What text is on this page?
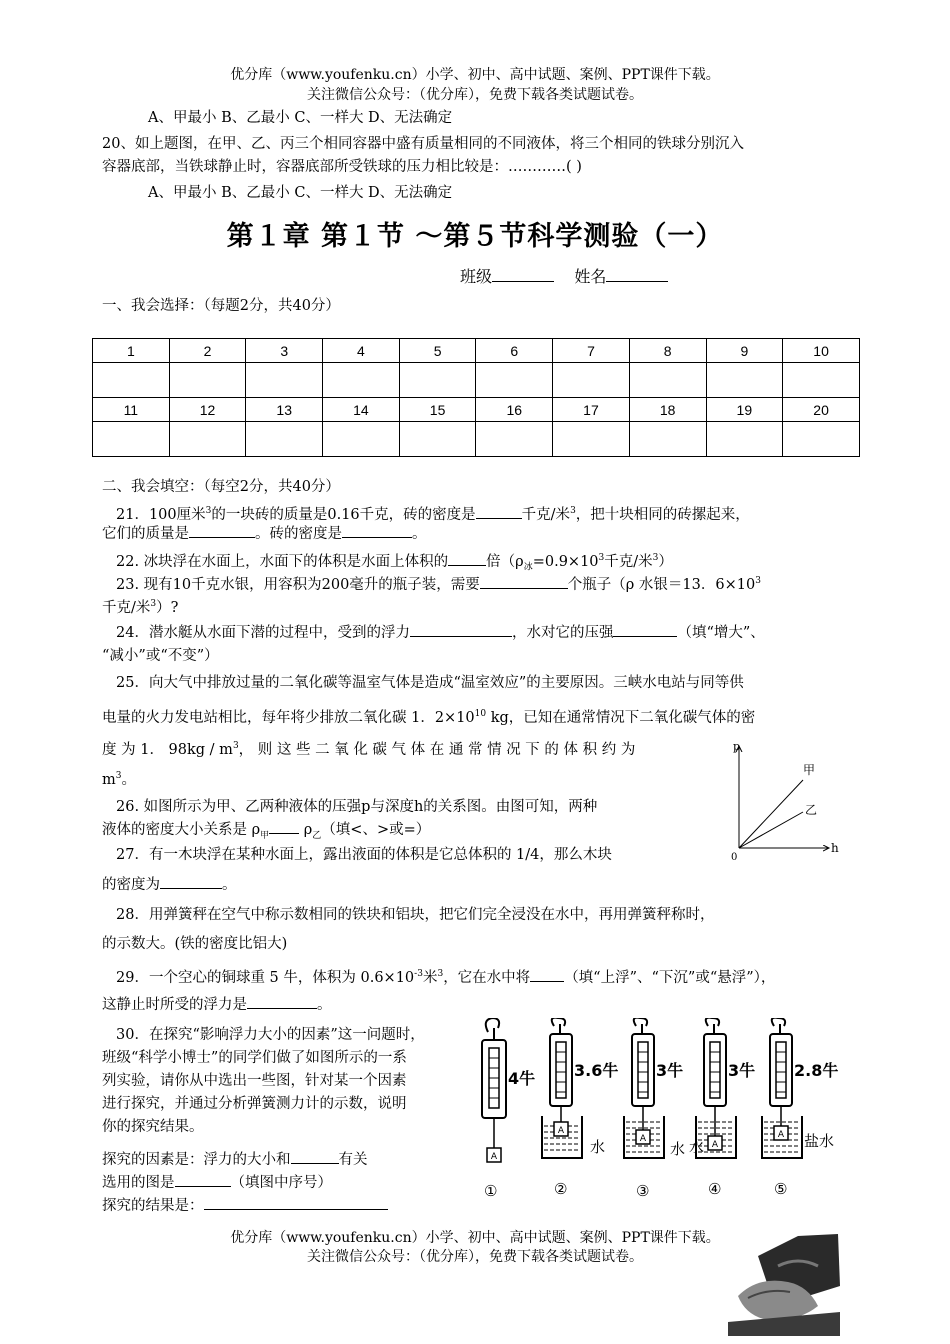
优分库（www.youfenku.cn）小学、初中、高中试题、案例、PPT课件下载。
关注微信公众号：（优分库），免费下载各类试题试卷。
A、甲最小 B、乙最小 C、一样大 D、无法确定
20、如上题图，在甲、乙、丙三个相同容器中盛有质量相同的不同液体，将三个相同的铁球分别沉入
容器底部，当铁球静止时，容器底部所受铁球的压力相比较是：…………( )
A、甲最小 B、乙最小 C、一样大 D、无法确定
第１章 第１节 ～第５节科学测验（一）
班级	姓名
一、我会选择：（每题2分，共40分）
1	2	3	4	5	6	7	8	9	10

11	12	13	14	15	16	17	18	19	20

二、我会填空：（每空2分，共40分）
21．100厘米$^3$的一块砖的质量是0.16千克，砖的密度是	千克/米$^3$，把十块相同的砖摞起来，
它们的质量是	。砖的密度是	。
22. 冰块浮在水面上，水面下的体积是水面上体积的	倍（$\rho_冰=0.9\times 10^3$千克/米$^3$）
23. 现有10千克水银，用容积为200毫升的瓶子装，需要	个瓶子（ρ 水银＝13．$6\times 10^3$
千克/米$^3$）?
24．潜水艇从水面下潜的过程中，受到的浮力	，水对它的压强	（填“增大”、
“减小”或“不变”）
25．向大气中排放过量的二氧化碳等温室气体是造成“温室效应”的主要原因。三峡水电站与同等供
电量的火力发电站相比，每年将少排放二氧化碳 1．$2\times 10^{10}$ kg，已知在通常情况下二氧化碳气体的密
度 为 1． $98kg / m^3$， 则 这 些 二 氧 化 碳 气 体 在 通 常 情 况 下 的 体 积 约 为
$m^3$。
p
h
0
甲
乙
26. 如图所示为甲、乙两种液体的压强p与深度h的关系图。由图可知，两种
液体的密度大小关系是 $\rho_甲$ $\rho_乙$（填<、>或=）
27．有一木块浮在某种水面上，露出液面的体积是它总体积的 1/4，那么木块
的密度为	。
28．用弹簧秤在空气中称示数相同的铁块和铝块，把它们完全浸没在水中，再用弹簧秤称时，
的示数大。(铁的密度比铝大)
29．一个空心的铜球重 5 牛，体积为 $0.6\times 10^{-3}$米$^3$，它在水中将 （填“上浮”、“下沉”或“悬浮”），
这静止时所受的浮力是	。
30．在探究“影响浮力大小的因素”这一问题时，
班级“科学小博士”的同学们做了如图所示的一系
列实验，请你从中选出一些图，针对某一个因素
进行探究，并通过分析弹簧测力计的示数，说明
你的探究结果。
探究的因素是：浮力的大小和	有关
选用的图是	（填图中序号）
探究的结果是：
A
4牛
①
A
3.6牛
水
②
A
3牛
水
③
A
3牛
④
A
2.8牛
盐水
⑤
水
优分库（www.youfenku.cn）小学、初中、高中试题、案例、PPT课件下载。
关注微信公众号：（优分库），免费下载各类试题试卷。
